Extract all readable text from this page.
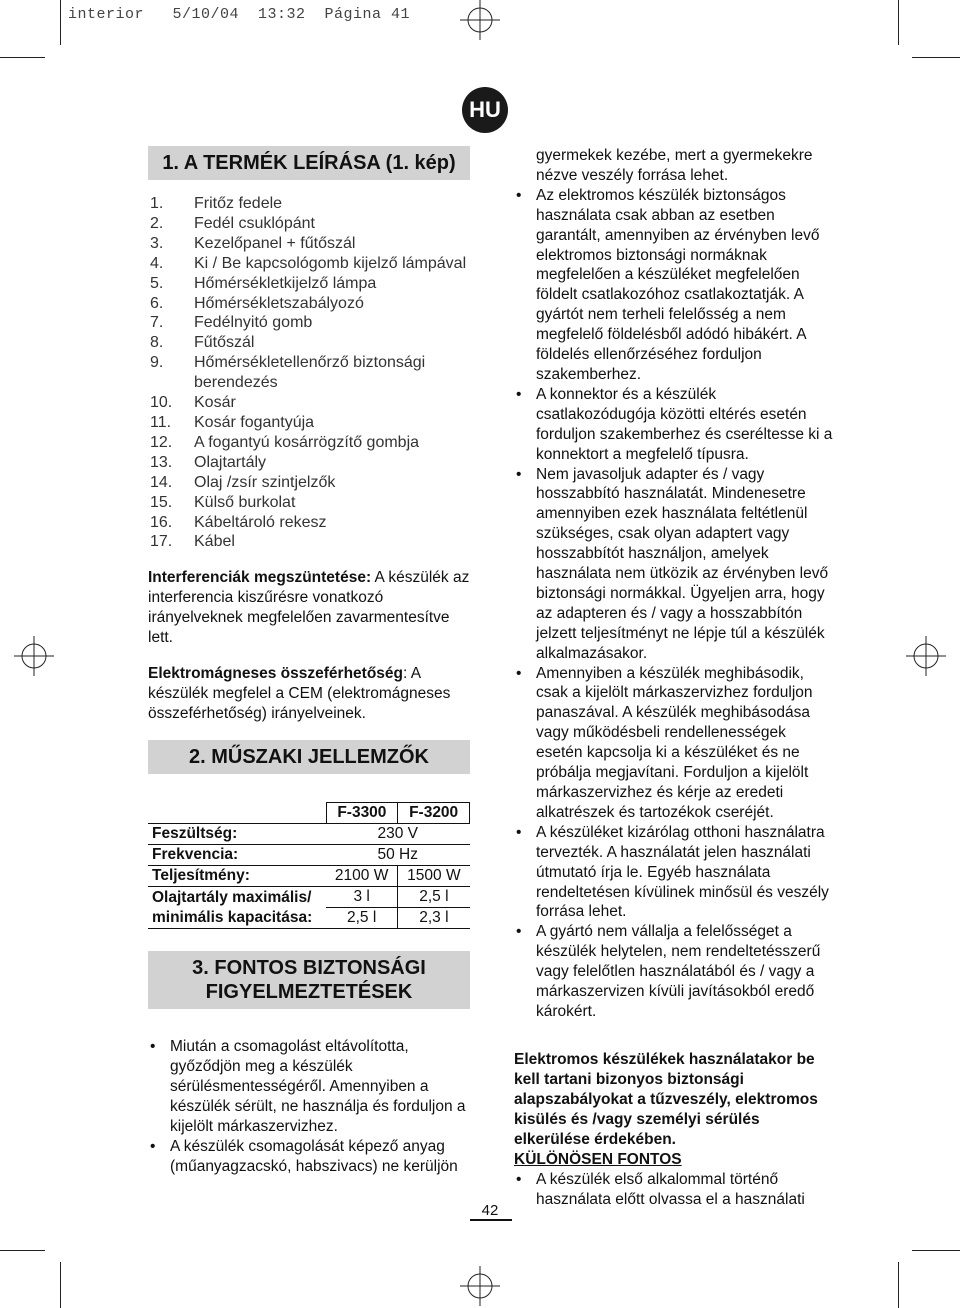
interior   5/10/04  13:32  Página 41
HU
1. A TERMÉK LEÍRÁSA (1. kép)
1.	Fritőz fedele
2.	Fedél csuklópánt
3.	Kezelőpanel + fűtőszál
4.	Ki / Be kapcsológomb kijelző lámpával
5.	Hőmérsékletkijelző lámpa
6.	Hőmérsékletszabályozó
7.	Fedélnyitó gomb
8.	Fűtőszál
9.	Hőmérsékletellenőrző biztonsági berendezés
10.	Kosár
11.	Kosár fogantyúja
12.	A fogantyú kosárrögzítő gombja
13.	Olajtartály
14.	Olaj /zsír szintjelzők
15.	Külső burkolat
16.	Kábeltároló rekesz
17.	Kábel
Interferenciák megszüntetése: A készülék az interferencia kiszűrésre vonatkozó irányelveknek megfelelően zavarmentesítve lett.
Elektromágneses összeférhetőség: A készülék megfelel a CEM (elektromágneses összeférhetőség) irányelveinek.
2. MŰSZAKI JELLEMZŐK
	F-3300	F-3200
Feszültség:	230 V	
Frekvencia:	50 Hz	
Teljesítmény:	2100 W	1500 W
Olajtartály maximális/	3 l	2,5 l
minimális kapacitása:	2,5 l	2,3 l
3. FONTOS BIZTONSÁGI
FIGYELMEZTETÉSEK
• Miután a csomagolást eltávolította, győződjön meg a készülék sérülésmentességéről. Amennyiben a készülék sérült, ne használja és forduljon a kijelölt márkaszervizhez.
• A készülék csomagolását képező anyag (műanyagzacskó, habszivacs) ne kerüljön
gyermekek kezébe, mert a gyermekekre nézve veszély forrása lehet.
• Az elektromos készülék biztonságos használata csak abban az esetben garantált, amennyiben az érvényben levő elektromos biztonsági normáknak megfelelően a készüléket megfelelően földelt csatlakozóhoz csatlakoztatják. A gyártót nem terheli felelősség a nem megfelelő földelésből adódó hibákért. A földelés ellenőrzéséhez forduljon szakemberhez.
• A konnektor és a készülék csatlakozódugója közötti eltérés esetén forduljon szakemberhez és cseréltesse ki a konnektort a megfelelő típusra.
• Nem javasoljuk adapter és / vagy hosszabbító használatát. Mindenesetre amennyiben ezek használata feltétlenül szükséges, csak olyan adaptert vagy hosszabbítót használjon, amelyek használata nem ütközik az érvényben levő biztonsági normákkal. Ügyeljen arra, hogy az adapteren és / vagy a hosszabbítón jelzett teljesítményt ne lépje túl a készülék alkalmazásakor.
• Amennyiben a készülék meghibásodik, csak a kijelölt márkaszervizhez forduljon panaszával. A készülék meghibásodása vagy működésbeli rendellenességek esetén kapcsolja ki a készüléket és ne próbálja megjavítani. Forduljon a kijelölt márkaszervizhez és kérje az eredeti alkatrészek és tartozékok cseréjét.
• A készüléket kizárólag otthoni használatra tervezték. A használatát jelen használati útmutató írja le. Egyéb használata rendeltetésen kívülinek minősül és veszély forrása lehet.
• A gyártó nem vállalja a felelősséget a készülék helytelen, nem rendeltetésszerű vagy felelőtlen használatából és / vagy a márkaszervizen kívüli javításokból eredő károkért.
Elektromos készülékek használatakor be kell tartani bizonyos biztonsági alapszabályokat a tűzveszély, elektromos kisülés és /vagy személyi sérülés elkerülése érdekében.
KÜLÖNÖSEN FONTOS
• A készülék első alkalommal történő használata előtt olvassa el a használati
42
